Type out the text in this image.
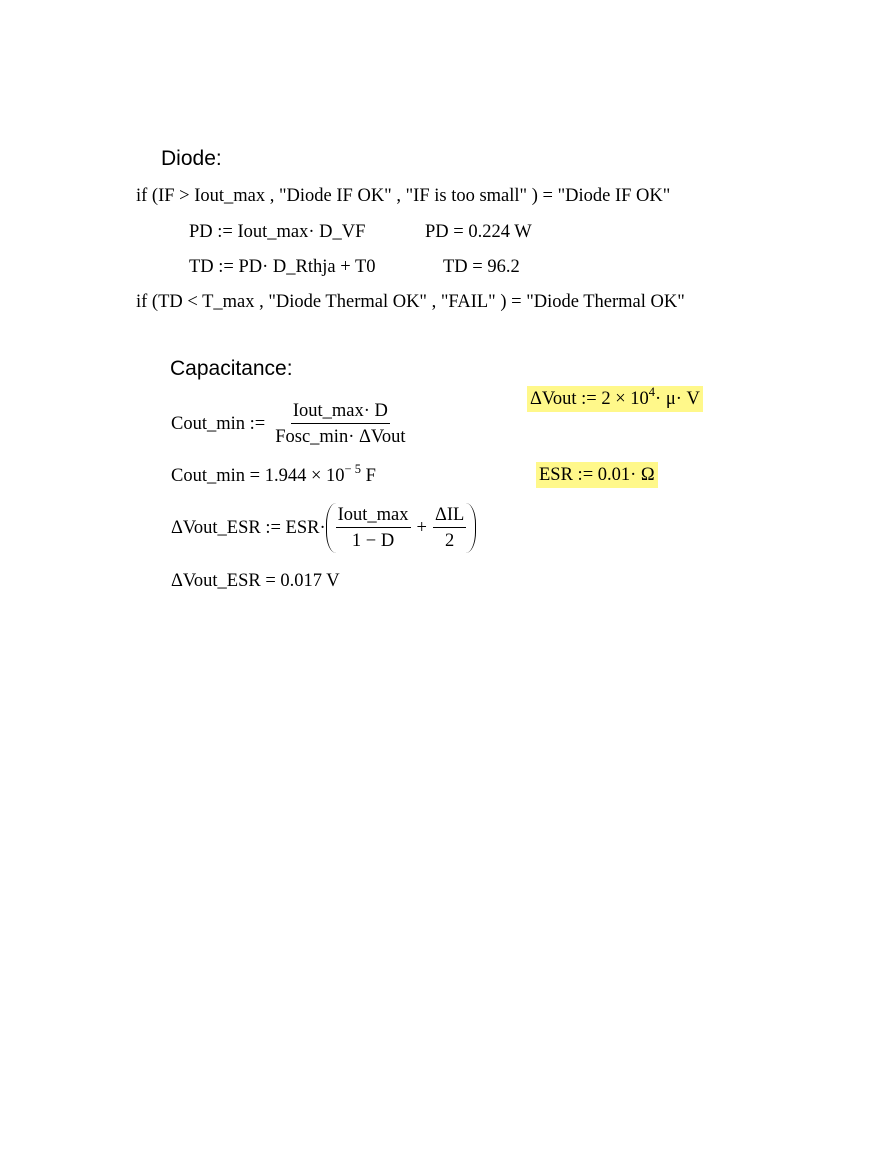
Diode:
if (IF > Iout_max , "Diode IF OK" , "IF is too small" ) = "Diode IF OK"
PD := Iout_max· D_VF	PD = 0.224 W
TD := PD· D_Rthja + T0	TD = 96.2
if (TD < T_max , "Diode Thermal OK" , "FAIL" ) = "Diode Thermal OK"
Capacitance:
Cout_min := $\frac{\text{Iout\_max· D}}{\text{Fosc\_min· ΔVout}}$
ΔVout := $2 \times 10^4\cdot \mu\cdot V$
Cout_min = $1.944 \times 10^{- 5}$ F	ESR := 0.01· Ω
ΔVout_ESR := $ESR\cdot \frac{\text{Iout\_max}}{1 - D} + \frac{\text{ΔIL}}{2}$
ΔVout_ESR = 0.017 V
